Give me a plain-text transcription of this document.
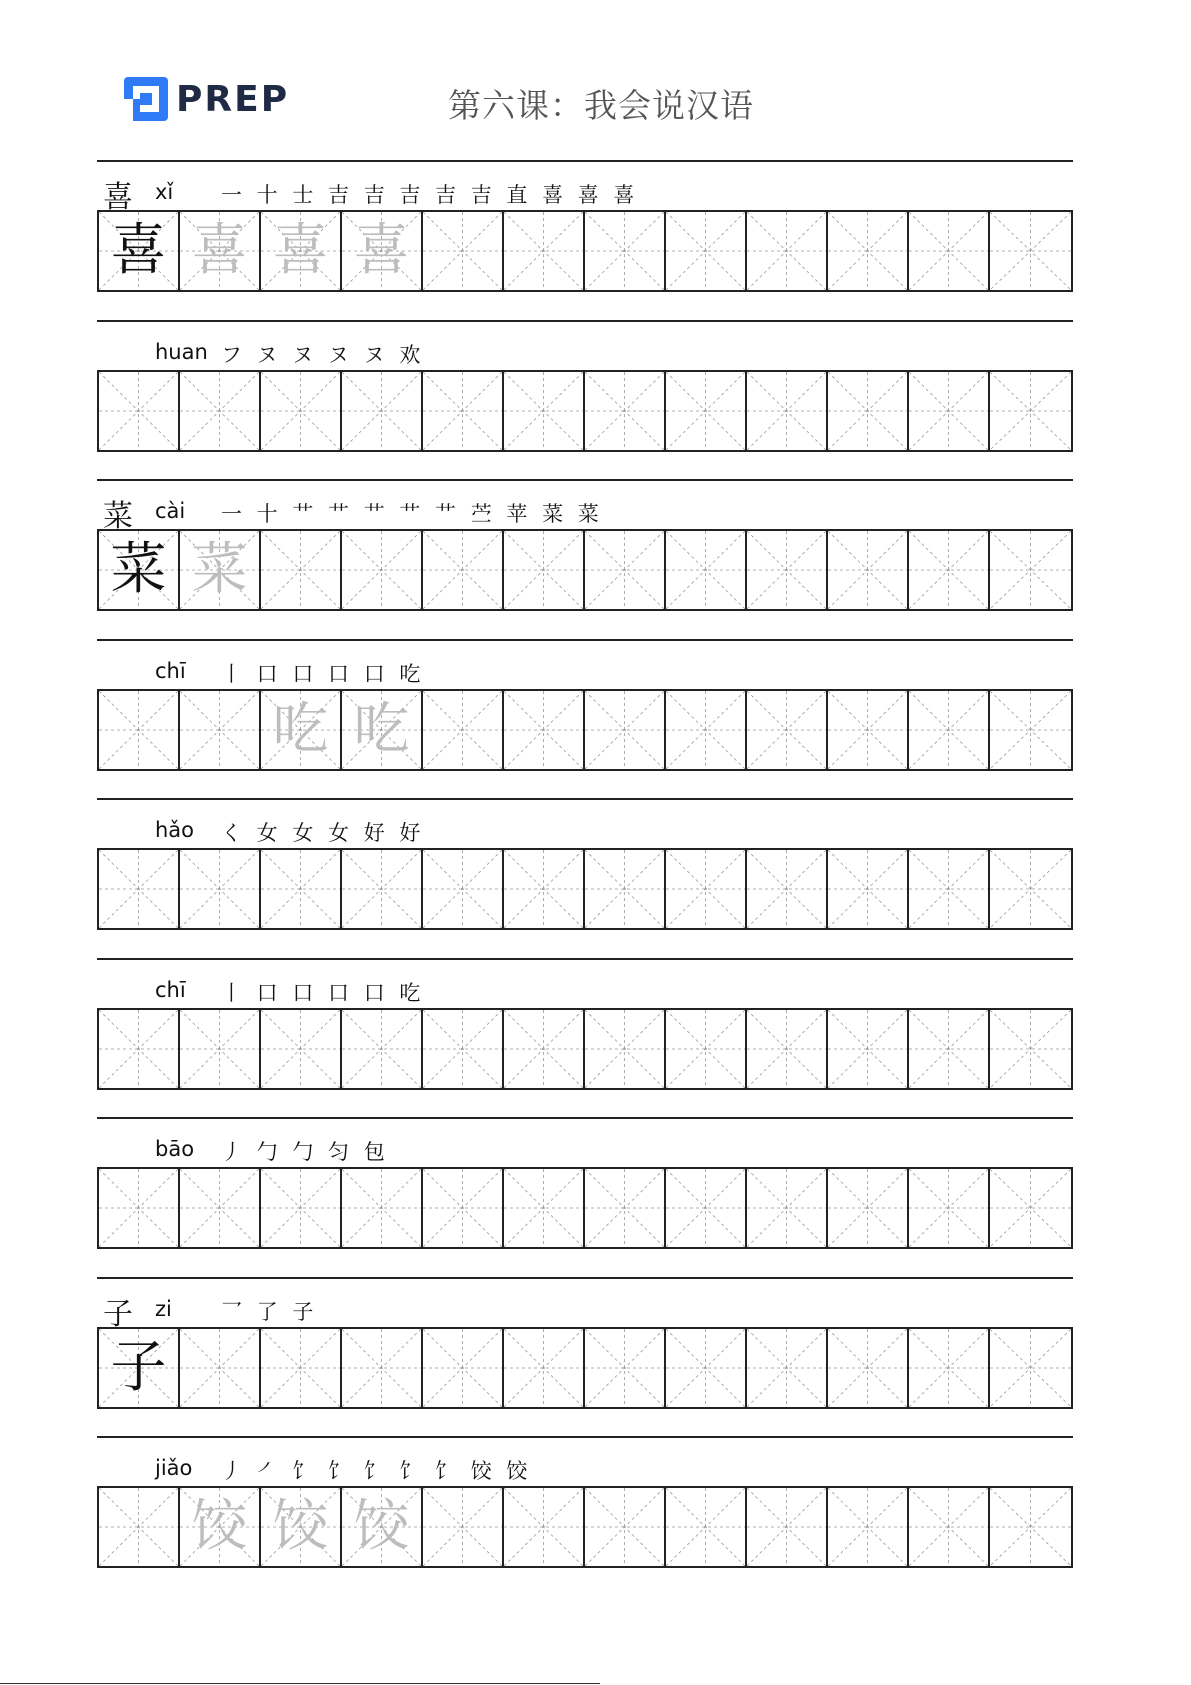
PREP	第六课：我会说汉语
喜 xǐ 一 十 士 吉 吉 吉 吉 吉 直 喜 喜 喜
喜 喜 喜 喜
huan フ ヌ ヌ ヌ ヌ 欢
菜 cài 一 十 艹 艹 艹 艹 艹 苎 苹 菜 菜
菜 菜
chī 丨 口 口 口 口 吃
吃 吃
hǎo く 女 女 女 好 好
chī 丨 口 口 口 口 吃
bāo 丿 勹 勹 匀 包
子 zi 乛 了 子
子
jiǎo 丿 ㇒ 饣 饣 饣 饣 饣 饺 饺
饺 饺 饺
